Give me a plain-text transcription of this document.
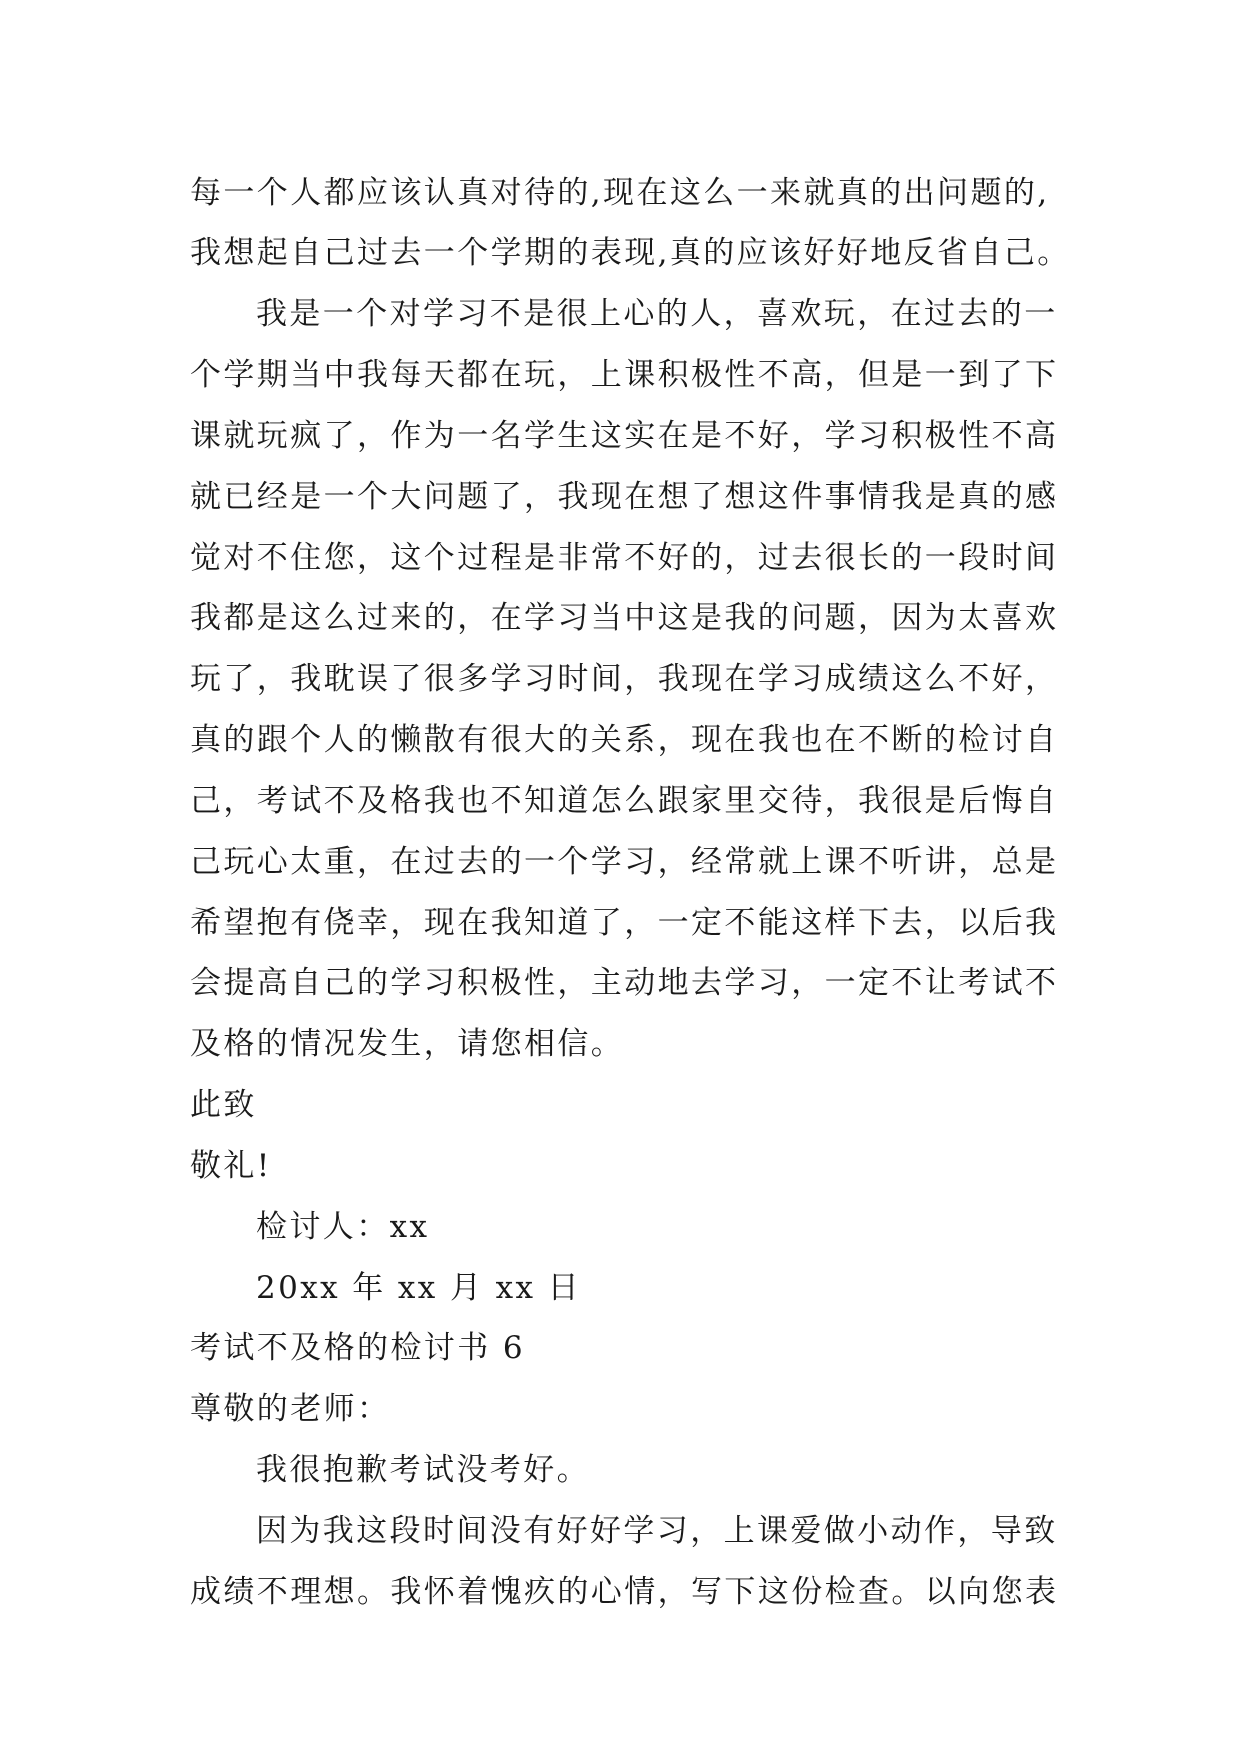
每一个人都应该认真对待的,现在这么一来就真的出问题的,
我想起自己过去一个学期的表现,真的应该好好地反省自己。
我是一个对学习不是很上心的人，喜欢玩，在过去的一
个学期当中我每天都在玩，上课积极性不高，但是一到了下
课就玩疯了，作为一名学生这实在是不好，学习积极性不高
就已经是一个大问题了，我现在想了想这件事情我是真的感
觉对不住您，这个过程是非常不好的，过去很长的一段时间
我都是这么过来的，在学习当中这是我的问题，因为太喜欢
玩了，我耽误了很多学习时间，我现在学习成绩这么不好，
真的跟个人的懒散有很大的关系，现在我也在不断的检讨自
己，考试不及格我也不知道怎么跟家里交待，我很是后悔自
己玩心太重，在过去的一个学习，经常就上课不听讲，总是
希望抱有侥幸，现在我知道了，一定不能这样下去，以后我
会提高自己的学习积极性，主动地去学习，一定不让考试不
及格的情况发生，请您相信。
此致
敬礼!
检讨人：xx
20xx 年 xx 月 xx 日
考试不及格的检讨书 6
尊敬的老师：
我很抱歉考试没考好。
因为我这段时间没有好好学习，上课爱做小动作，导致
成绩不理想。我怀着愧疚的心情，写下这份检查。以向您表
